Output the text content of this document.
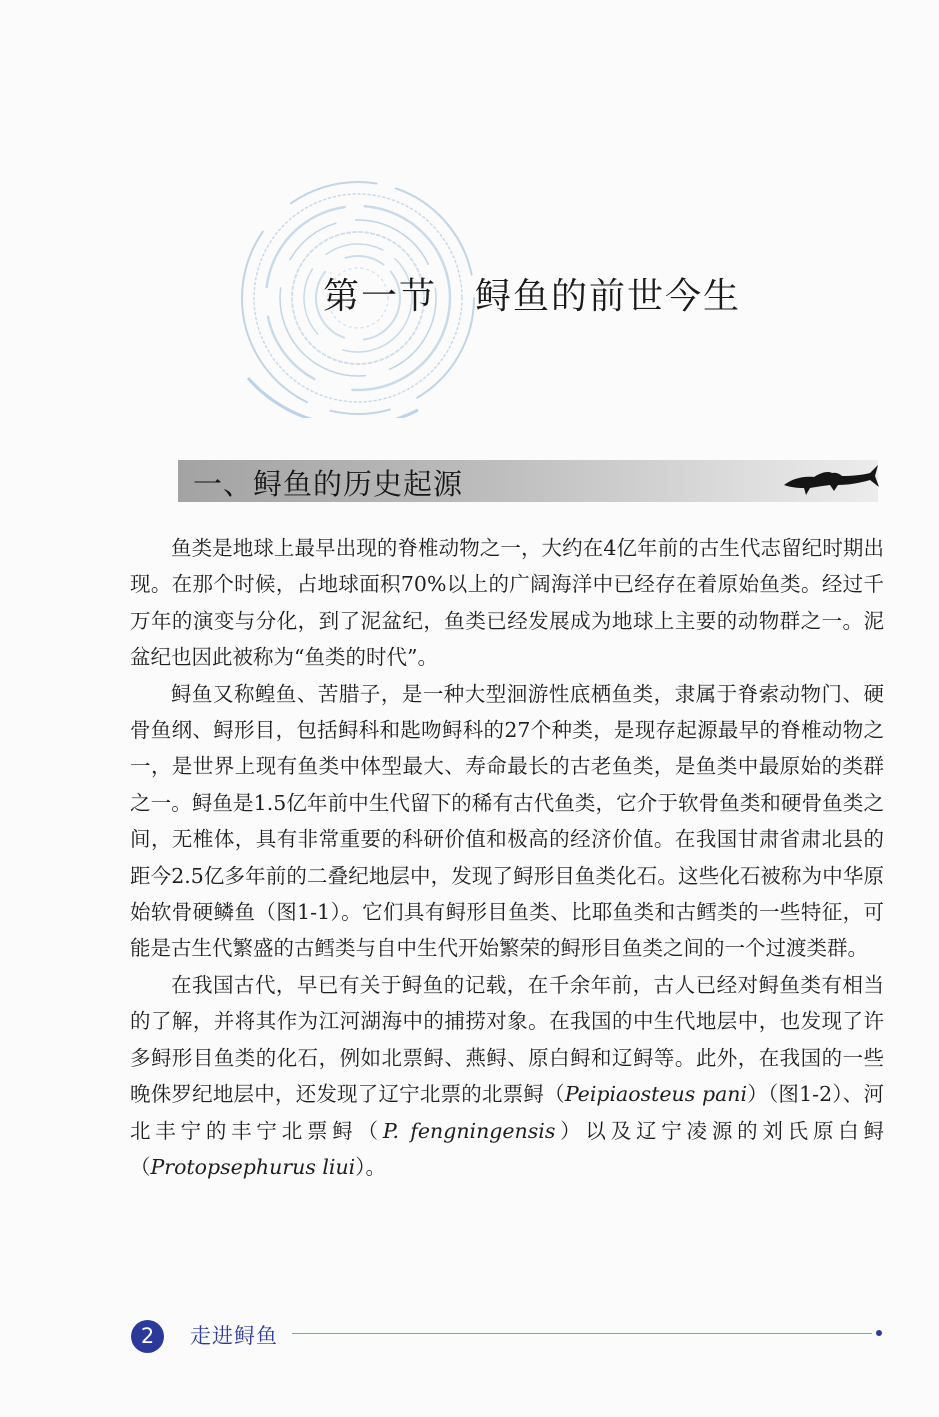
第一节 鲟鱼的前世今生
一、鲟鱼的历史起源

鱼类是地球上最早出现的脊椎动物之一，大约在4亿年前的古生代志留纪时期出现。在那个时候，占地球面积70%以上的广阔海洋中已经存在着原始鱼类。经过千万年的演变与分化，到了泥盆纪，鱼类已经发展成为地球上主要的动物群之一。泥盆纪也因此被称为“鱼类的时代”。

鲟鱼又称鳇鱼、苦腊子，是一种大型洄游性底栖鱼类，隶属于脊索动物门、硬骨鱼纲、鲟形目，包括鲟科和匙吻鲟科的27个种类，是现存起源最早的脊椎动物之一，是世界上现有鱼类中体型最大、寿命最长的古老鱼类，是鱼类中最原始的类群之一。鲟鱼是1.5亿年前中生代留下的稀有古代鱼类，它介于软骨鱼类和硬骨鱼类之间，无椎体，具有非常重要的科研价值和极高的经济价值。在我国甘肃省肃北县的距今2.5亿多年前的二叠纪地层中，发现了鲟形目鱼类化石。这些化石被称为中华原始软骨硬鳞鱼（图1-1）。它们具有鲟形目鱼类、比耶鱼类和古鳕类的一些特征，可能是古生代繁盛的古鳕类与自中生代开始繁荣的鲟形目鱼类之间的一个过渡类群。

在我国古代，早已有关于鲟鱼的记载，在千余年前，古人已经对鲟鱼类有相当的了解，并将其作为江河湖海中的捕捞对象。在我国的中生代地层中，也发现了许多鲟形目鱼类的化石，例如北票鲟、燕鲟、原白鲟和辽鲟等。此外，在我国的一些晚侏罗纪地层中，还发现了辽宁北票的北票鲟（Peipiaosteus pani）（图1-2）、河北丰宁的丰宁北票鲟（P. fengningensis）以及辽宁凌源的刘氏原白鲟（Protopsephurus liui）。

2	走进鲟鱼
